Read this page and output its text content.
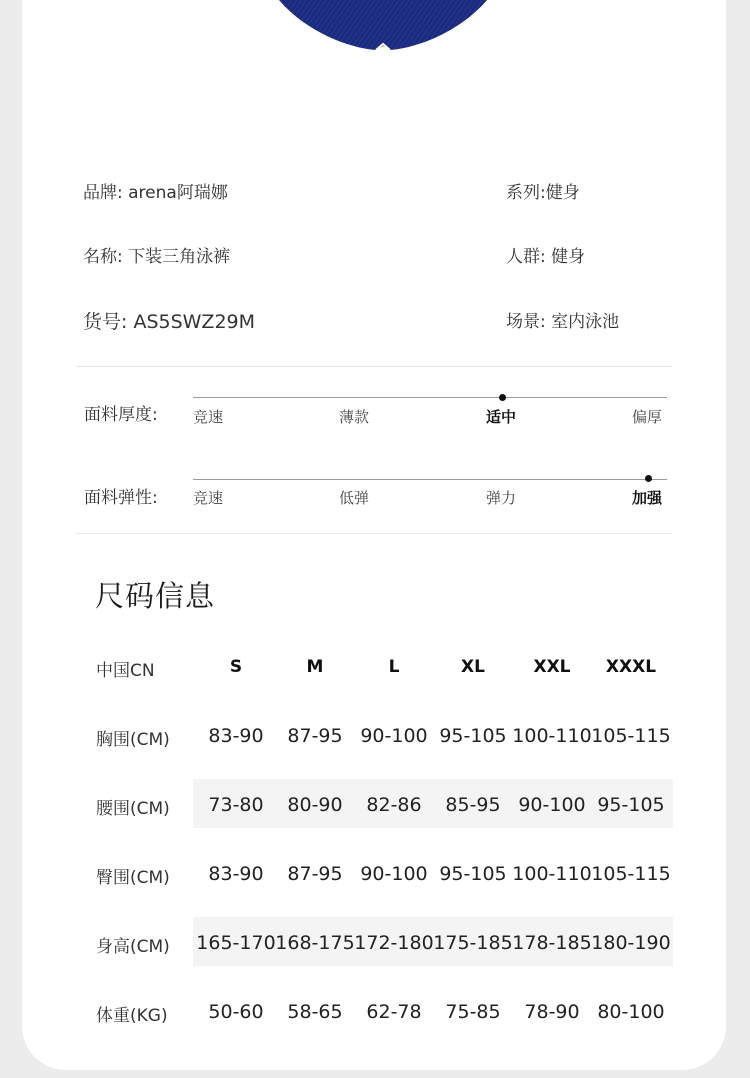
品牌: arena阿瑞娜	系列:健身
名称: 下装三角泳裤	人群: 健身
货号: AS5SWZ29M	场景: 室内泳池
面料厚度: 竞速	薄款	适中	偏厚
面料弹性: 竞速	低弹	弹力	加强
尺码信息
中国CN	S	M	L	XL	XXL	XXXL
胸围(CM)	83-90	87-95 90-100 95-105 100-110 105-115
腰围(CM)	73-80	80-90	82-86	85-95 90-100 95-105
臀围(CM)	83-90	87-95 90-100 95-105 100-110 105-115
身高(CM) 165-170 168-175 172-180 175-185 178-185 180-190
体重(KG)	50-60	58-65	62-78	75-85	78-90 80-100
